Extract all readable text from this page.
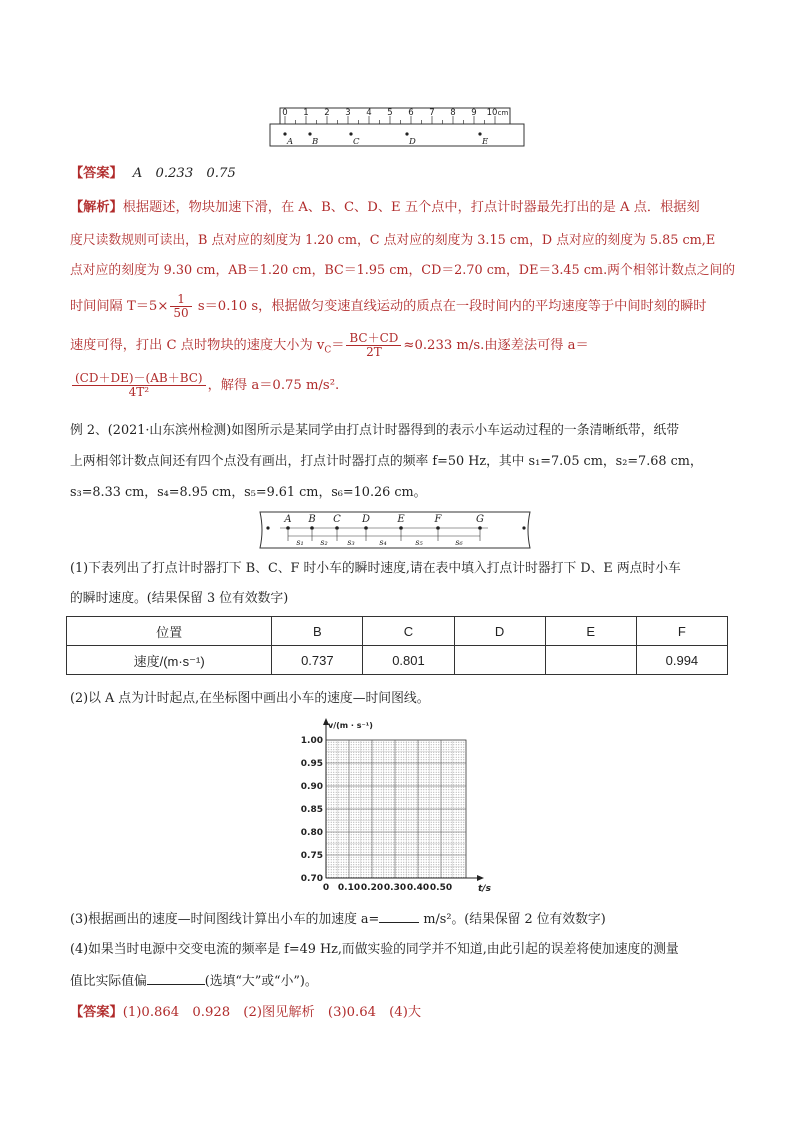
0 1 2 3 4 5 6 7 8 9 10 cm
A B	C	D	E
【答案】 A　0.233　0.75
【解析】根据题述，物块加速下滑，在 A、B、C、D、E 五个点中，打点计时器最先打出的是 A 点．根据刻
度尺读数规则可读出，B 点对应的刻度为 1.20 cm，C 点对应的刻度为 3.15 cm，D 点对应的刻度为 5.85 cm,E
点对应的刻度为 9.30 cm，AB＝1.20 cm，BC＝1.95 cm，CD＝2.70 cm，DE＝3.45 cm.两个相邻计数点之间的
时间间隔 $T=5\times \frac{1}{50} s=0.10$ s，根据做匀变速直线运动的质点在一段时间内的平均速度等于中间时刻的瞬时
速度可得，打出 C 点时物块的速度大小为 $v_C= \frac{BC+CD}{2T} \approx 0.233$ m/s.由逐差法可得 a＝
$\frac{(CD+DE)-(AB+BC)}{\text{4T²}}$ ，解得 a＝0.75 m/s².
例 2、(2021·山东滨州检测)如图所示是某同学由打点计时器得到的表示小车运动过程的一条清晰纸带，纸带
上两相邻计数点间还有四个点没有画出，打点计时器打点的频率 f=50 Hz，其中 s₁=7.05 cm，s₂=7.68 cm，
s₃=8.33 cm，s₄=8.95 cm，s₅=9.61 cm，s₆=10.26 cm。
A B C D	E	F	G
s₁ s₂ s₃	s₄	s₅	s₆
(1)下表列出了打点计时器打下 B、C、F 时小车的瞬时速度,请在表中填入打点计时器打下 D、E 两点时小车
的瞬时速度。(结果保留 3 位有效数字)
位置	B	C	D	E	F
速度/(m·s⁻¹)	0.737	0.801			0.994
(2)以 A 点为计时起点,在坐标图中画出小车的速度—时间图线。
v/(m · s⁻¹)
t/s
1.00
0.95
0.90
0.85
0.80
0.75
0.70
0 0.10 0.20 0.30 0.40 0.50
(3)根据画出的速度—时间图线计算出小车的加速度 a=	m/s²。(结果保留 2 位有效数字)
(4)如果当时电源中交变电流的频率是 f=49 Hz,而做实验的同学并不知道,由此引起的误差将使加速度的测量
值比实际值偏	(选填“大”或“小”)。
【答案】(1)0.864　0.928　(2)图见解析　(3)0.64　(4)大
